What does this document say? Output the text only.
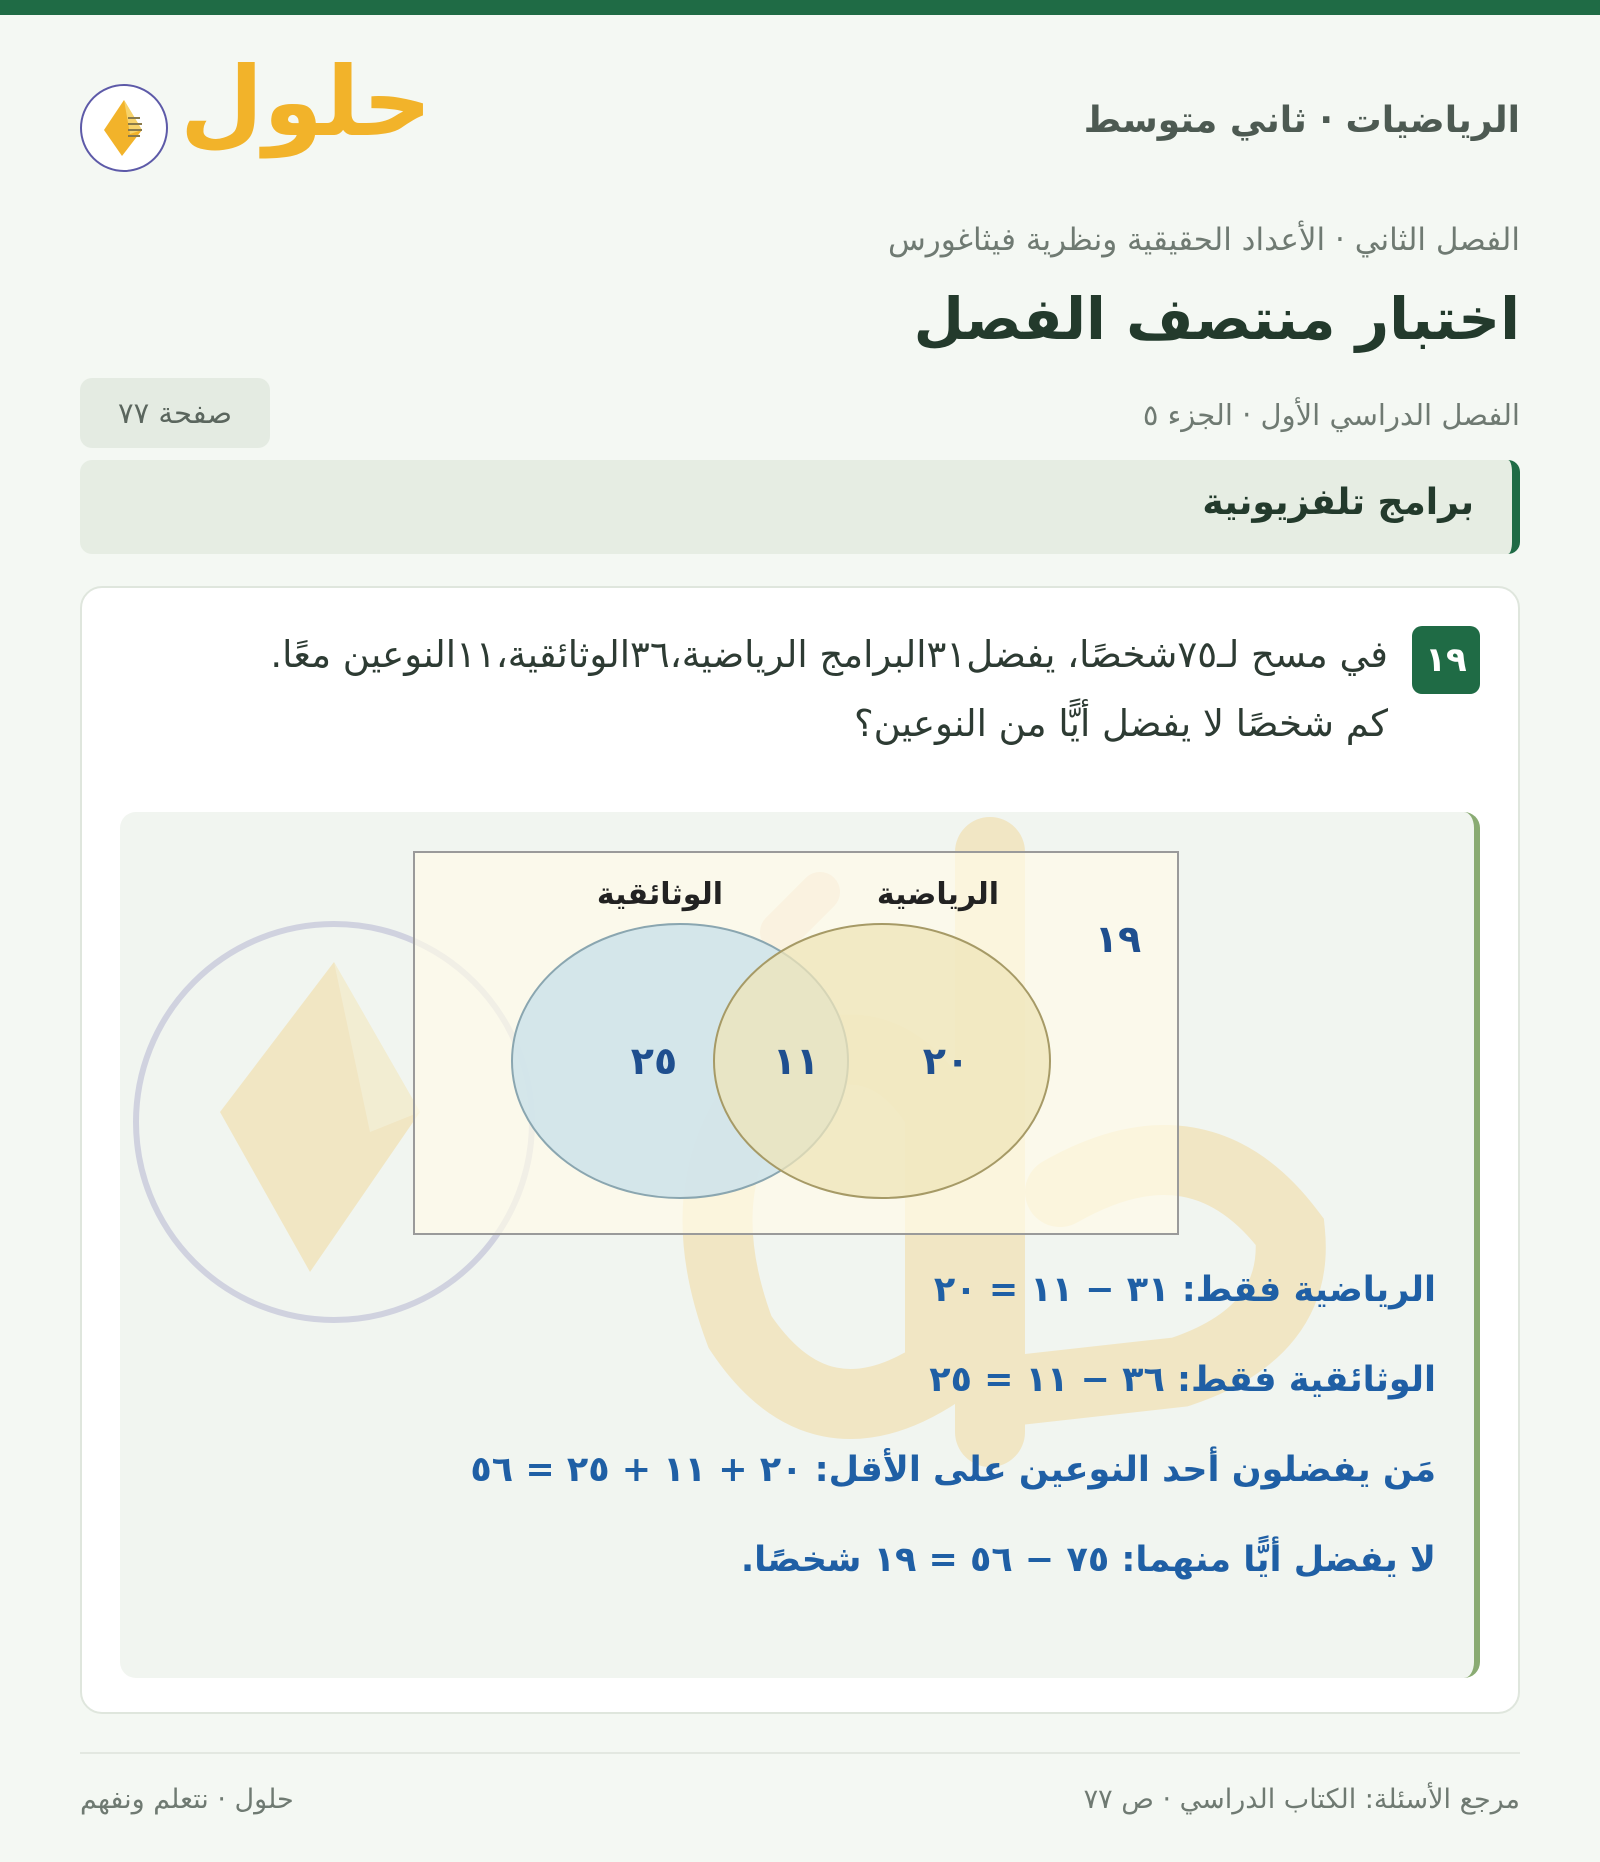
الرياضيات · ثاني متوسط
حلول
الفصل الثاني · الأعداد الحقيقية ونظرية فيثاغورس
اختبار منتصف الفصل
الفصل الدراسي الأول · الجزء ٥
صفحة ٧٧
برامج تلفزيونية
١٩
في مسح لـ٧٥شخصًا، يفضل٣١البرامج الرياضية،٣٦الوثائقية،١١النوعين معًا.
كم شخصًا لا يفضل أيًّا من النوعين؟
الوثائقية	الرياضية
١٩
٢٥	١١	٢٠
الرياضية فقط: ٣١ − ١١ = ٢٠
الوثائقية فقط: ٣٦ − ١١ = ٢٥
مَن يفضلون أحد النوعين على الأقل: ٢٠ + ١١ + ٢٥ = ٥٦
لا يفضل أيًّا منهما: ٧٥ − ٥٦ = ١٩ شخصًا.
مرجع الأسئلة: الكتاب الدراسي · ص ٧٧
حلول · نتعلم ونفهم
